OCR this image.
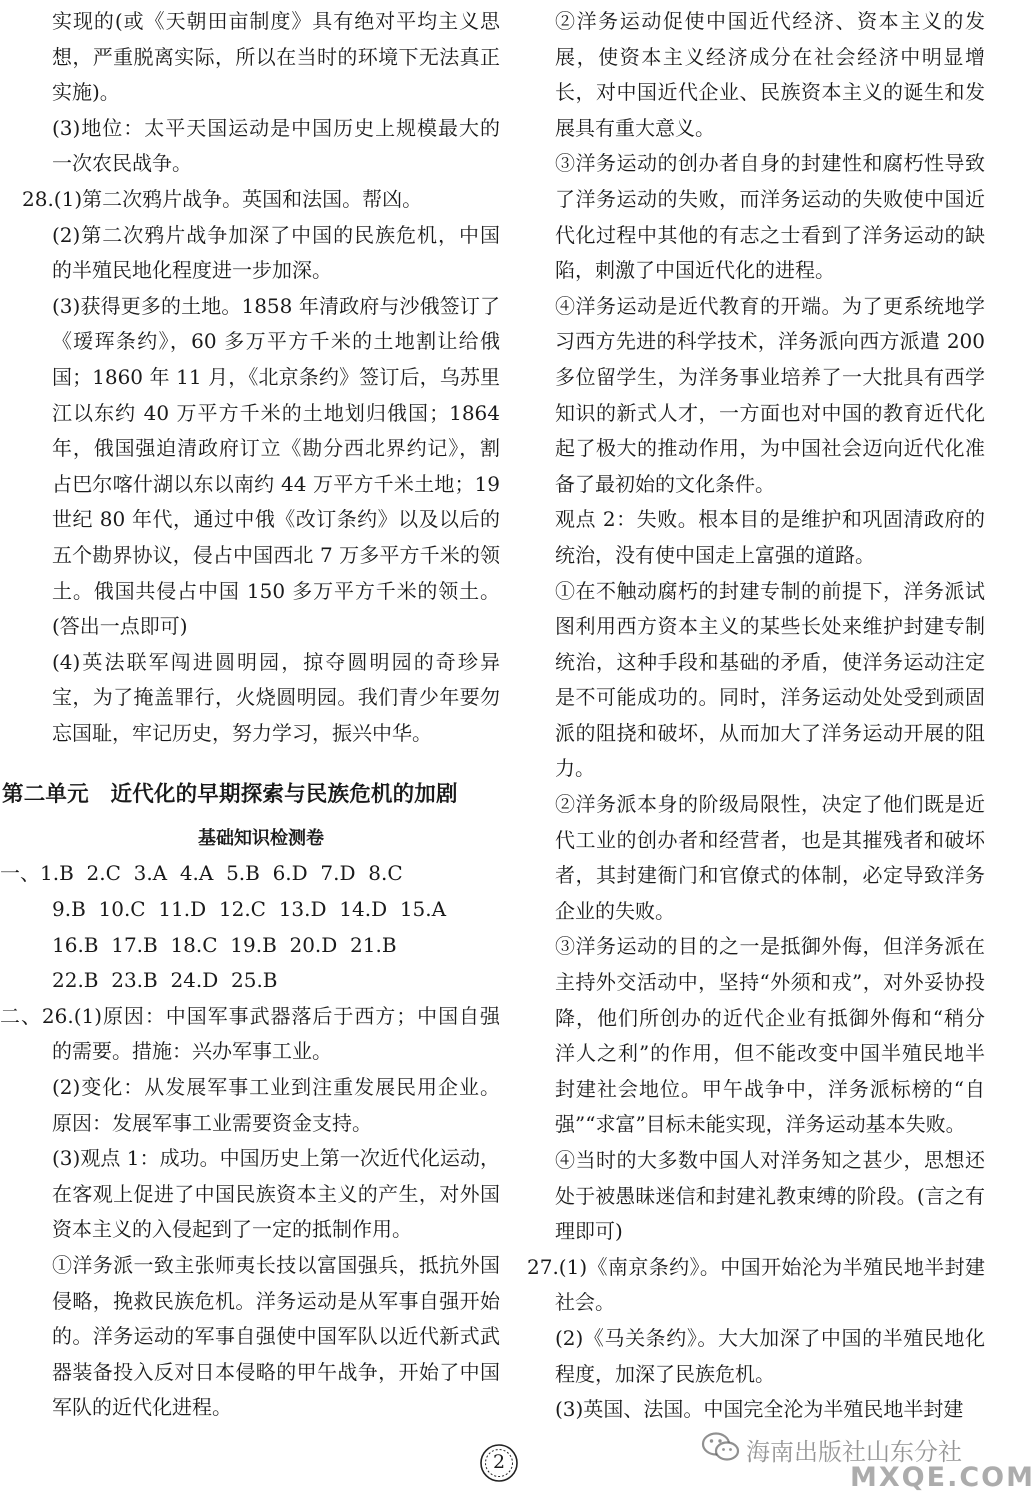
实现的(或《天朝田亩制度》具有绝对平均主义思想，严重脱离实际，所以在当时的环境下无法真正实施)。

(3)地位：太平天国运动是中国历史上规模最大的一次农民战争。

28.(1)第二次鸦片战争。英国和法国。帮凶。

(2)第二次鸦片战争加深了中国的民族危机，中国的半殖民地化程度进一步加深。

(3)获得更多的土地。1858 年清政府与沙俄签订了《瑷珲条约》，60 多万平方千米的土地割让给俄国；1860 年 11 月，《北京条约》签订后，乌苏里江以东约 40 万平方千米的土地划归俄国；1864 年，俄国强迫清政府订立《勘分西北界约记》，割占巴尔喀什湖以东以南约 44 万平方千米土地；19 世纪 80 年代，通过中俄《改订条约》以及以后的五个勘界协议，侵占中国西北 7 万多平方千米的领土。俄国共侵占中国 150 多万平方千米的领土。(答出一点即可)

(4)英法联军闯进圆明园，掠夺圆明园的奇珍异宝，为了掩盖罪行，火烧圆明园。我们青少年要勿忘国耻，牢记历史，努力学习，振兴中华。

第二单元　近代化的早期探索与民族危机的加剧
基础知识检测卷
一、1.B  2.C  3.A  4.A  5.B  6.D  7.D  8.C
9.B  10.C  11.D  12.C  13.D  14.D  15.A
16.B  17.B  18.C  19.B  20.D  21.B
22.B  23.B  24.D  25.B

二、26.(1)原因：中国军事武器落后于西方；中国自强的需要。措施：兴办军事工业。

(2)变化：从发展军事工业到注重发展民用企业。原因：发展军事工业需要资金支持。

(3)观点 1：成功。中国历史上第一次近代化运动，在客观上促进了中国民族资本主义的产生，对外国资本主义的入侵起到了一定的抵制作用。

①洋务派一致主张师夷长技以富国强兵，抵抗外国侵略，挽救民族危机。洋务运动是从军事自强开始的。洋务运动的军事自强使中国军队以近代新式武器装备投入反对日本侵略的甲午战争，开始了中国军队的近代化进程。

②洋务运动促使中国近代经济、资本主义的发展，使资本主义经济成分在社会经济中明显增长，对中国近代企业、民族资本主义的诞生和发展具有重大意义。

③洋务运动的创办者自身的封建性和腐朽性导致了洋务运动的失败，而洋务运动的失败使中国近代化过程中其他的有志之士看到了洋务运动的缺陷，刺激了中国近代化的进程。

④洋务运动是近代教育的开端。为了更系统地学习西方先进的科学技术，洋务派向西方派遣 200 多位留学生，为洋务事业培养了一大批具有西学知识的新式人才，一方面也对中国的教育近代化起了极大的推动作用，为中国社会迈向近代化准备了最初始的文化条件。

观点 2：失败。根本目的是维护和巩固清政府的统治，没有使中国走上富强的道路。

①在不触动腐朽的封建专制的前提下，洋务派试图利用西方资本主义的某些长处来维护封建专制统治，这种手段和基础的矛盾，使洋务运动注定是不可能成功的。同时，洋务运动处处受到顽固派的阻挠和破坏，从而加大了洋务运动开展的阻力。

②洋务派本身的阶级局限性，决定了他们既是近代工业的创办者和经营者，也是其摧残者和破坏者，其封建衙门和官僚式的体制，必定导致洋务企业的失败。

③洋务运动的目的之一是抵御外侮，但洋务派在主持外交活动中，坚持“外须和戎”，对外妥协投降，他们所创办的近代企业有抵御外侮和“稍分洋人之利”的作用，但不能改变中国半殖民地半封建社会地位。甲午战争中，洋务派标榜的“自强”“求富”目标未能实现，洋务运动基本失败。

④当时的大多数中国人对洋务知之甚少，思想还处于被愚昧迷信和封建礼教束缚的阶段。(言之有理即可)

27.(1)《南京条约》。中国开始沦为半殖民地半封建社会。

(2)《马关条约》。大大加深了中国的半殖民地化程度，加深了民族危机。

(3)英国、法国。中国完全沦为半殖民地半封建

2	海南出版社山东分社
MXQE.COM
